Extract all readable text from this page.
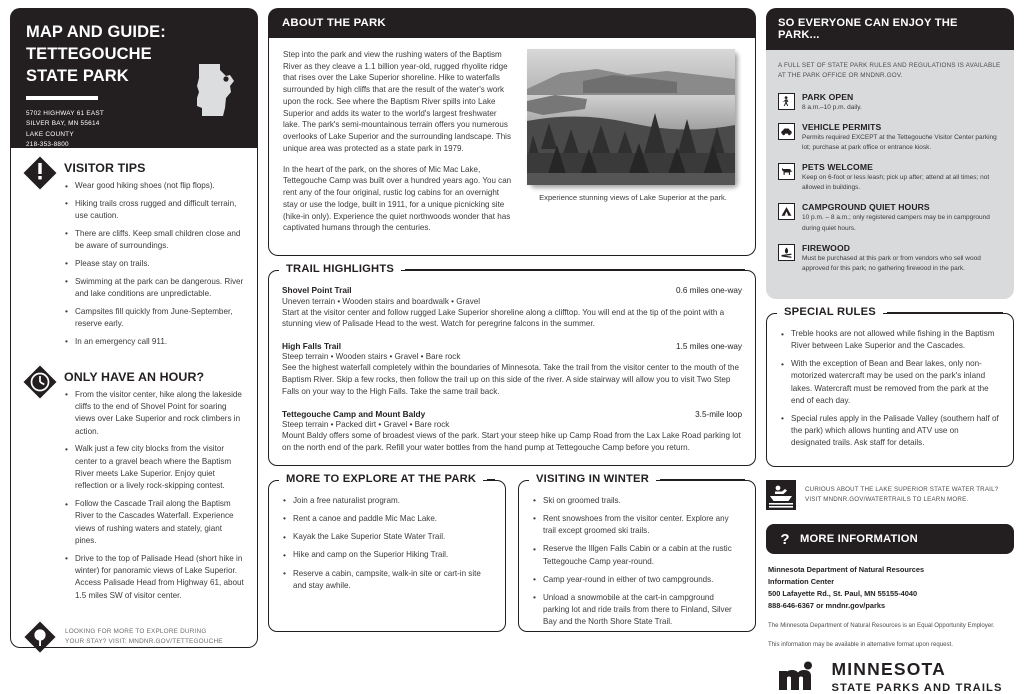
MAP AND GUIDE: TETTEGOUCHE STATE PARK
5702 HIGHWAY 61 EAST
SILVER BAY, MN 55614
LAKE COUNTY
218-353-8800
TETTEGOUCHE.STATEPARK@STATE.MN.US
VISITOR TIPS
• Wear good hiking shoes (not flip flops).
• Hiking trails cross rugged and difficult terrain, use caution.
• There are cliffs. Keep small children close and be aware of surroundings.
• Please stay on trails.
• Swimming at the park can be dangerous. River and lake conditions are unpredictable.
• Campsites fill quickly from June-September, reserve early.
• In an emergency call 911.
ONLY HAVE AN HOUR?
• From the visitor center, hike along the lakeside cliffs to the end of Shovel Point for soaring views over Lake Superior and rock climbers in action.
• Walk just a few city blocks from the visitor center to a gravel beach where the Baptism River meets Lake Superior. Enjoy quiet reflection or a lively rock-skipping contest.
• Follow the Cascade Trail along the Baptism River to the Cascades Waterfall. Experience views of rushing waters and stately, giant pines.
• Drive to the top of Palisade Head (short hike in winter) for panoramic views of Lake Superior. Access Palisade Head from Highway 61, about 1.5 miles SW of visitor center.
LOOKING FOR MORE TO EXPLORE DURING
YOUR STAY? VISIT: MNDNR.GOV/TETTEGOUCHE
ABOUT THE PARK

Step into the park and view the rushing waters of the Baptism River as they cleave a 1.1 billion year-old, rugged rhyolite ridge that rises over the Lake Superior shoreline. Hike to waterfalls surrounded by high cliffs that are the result of the water's work upon the rock. See where the Baptism River spills into Lake Superior and adds its water to the world's largest freshwater lake. The park's semi-mountainous terrain offers you numerous overlooks of Lake Superior and the surrounding landscape. This unique area was protected as a state park in 1979.

In the heart of the park, on the shores of Mic Mac Lake, Tettegouche Camp was built over a hundred years ago. You can rent any of the four original, rustic log cabins for an overnight stay or use the lodge, built in 1911, for a unique picnicking site (hike-in only). Experience the quiet northwoods wonder that has captivated humans through the centuries.

Experience stunning views of Lake Superior at the park.
TRAIL HIGHLIGHTS
Shovel Point Trail	0.6 miles one-way
Uneven terrain • Wooden stairs and boardwalk • Gravel
Start at the visitor center and follow rugged Lake Superior shoreline along a clifftop. You will end at the tip of the point with a stunning view of Palisade Head to the west. Watch for peregrine falcons in the summer.
High Falls Trail	1.5 miles one-way
Steep terrain • Wooden stairs • Gravel • Bare rock
See the highest waterfall completely within the boundaries of Minnesota. Take the trail from the visitor center to the mouth of the Baptism River. Skip a few rocks, then follow the trail up on this side of the river. A side stairway will allow you to visit Two Step Falls on your way to the High Falls. Take the same trail back.
Tettegouche Camp and Mount Baldy	3.5-mile loop
Steep terrain • Packed dirt • Gravel • Bare rock
Mount Baldy offers some of broadest views of the park. Start your steep hike up Camp Road from the Lax Lake Road parking lot on the north end of the park. Refill your water bottles from the hand pump at Tettegouche Camp before you return.
MORE TO EXPLORE AT THE PARK
• Join a free naturalist program.
• Rent a canoe and paddle Mic Mac Lake.
• Kayak the Lake Superior State Water Trail.
• Hike and camp on the Superior Hiking Trail.
• Reserve a cabin, campsite, walk-in site or cart-in site and stay awhile.
VISITING IN WINTER
• Ski on groomed trails.
• Rent snowshoes from the visitor center. Explore any trail except groomed ski trails.
• Reserve the Illgen Falls Cabin or a cabin at the rustic Tettegouche Camp year-round.
• Camp year-round in either of two campgrounds.
• Unload a snowmobile at the cart-in campground parking lot and ride trails from there to Finland, Silver Bay and the North Shore State Trail.
SO EVERYONE CAN ENJOY THE PARK...
A FULL SET OF STATE PARK RULES AND REGULATIONS IS AVAILABLE AT THE PARK OFFICE OR MNDNR.GOV.
PARK OPEN
8 a.m.–10 p.m. daily.
VEHICLE PERMITS
Permits required EXCEPT at the Tettegouche Visitor Center parking lot; purchase at park office or entrance kiosk.
PETS WELCOME
Keep on 6-foot or less leash; pick up after; attend at all times; not allowed in buildings.
CAMPGROUND QUIET HOURS
10 p.m. – 8 a.m.; only registered campers may be in campground during quiet hours.
FIREWOOD
Must be purchased at this park or from vendors who sell wood approved for this park; no gathering firewood in the park.
SPECIAL RULES
• Treble hooks are not allowed while fishing in the Baptism River between Lake Superior and the Cascades.
• With the exception of Bean and Bear lakes, only non-motorized watercraft may be used on the park's inland lakes. Watercraft must be removed from the park at the end of each day.
• Special rules apply in the Palisade Valley (southern half of the park) which allows hunting and ATV use on designated trails. Ask staff for details.
CURIOUS ABOUT THE LAKE SUPERIOR STATE WATER TRAIL?
VISIT MNDNR.GOV/WATERTRAILS TO LEARN MORE.
? MORE INFORMATION
Minnesota Department of Natural Resources
Information Center
500 Lafayette Rd., St. Paul, MN 55155-4040
888-646-6367 or mndnr.gov/parks
The Minnesota Department of Natural Resources is an Equal Opportunity Employer.
This information may be available in alternative format upon request.
MINNESOTA
STATE PARKS AND TRAILS
